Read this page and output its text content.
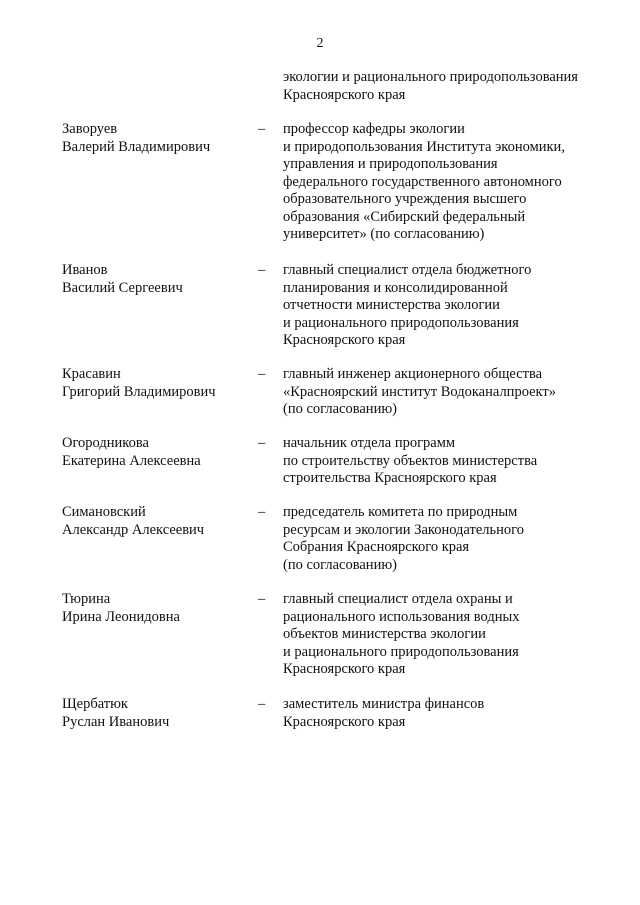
2
экологии и рационального природопользования
Красноярского края
Заворуев
Валерий Владимирович
– профессор кафедры экологии
и природопользования Института экономики,
управления и природопользования
федерального государственного автономного
образовательного учреждения высшего
образования «Сибирский федеральный
университет» (по согласованию)
Иванов
Василий Сергеевич
– главный специалист отдела бюджетного
планирования и консолидированной
отчетности министерства экологии
и рационального природопользования
Красноярского края
Красавин
Григорий Владимирович
– главный инженер акционерного общества
«Красноярский институт Водоканалпроект»
(по согласованию)
Огородникова
Екатерина Алексеевна
– начальник отдела программ
по строительству объектов министерства
строительства Красноярского края
Симановский
Александр Алексеевич
– председатель комитета по природным
ресурсам и экологии Законодательного
Собрания Красноярского края
(по согласованию)
Тюрина
Ирина Леонидовна
– главный специалист отдела охраны и
рационального использования водных
объектов министерства экологии
и рационального природопользования
Красноярского края
Щербатюк
Руслан Иванович
– заместитель министра финансов
Красноярского края
